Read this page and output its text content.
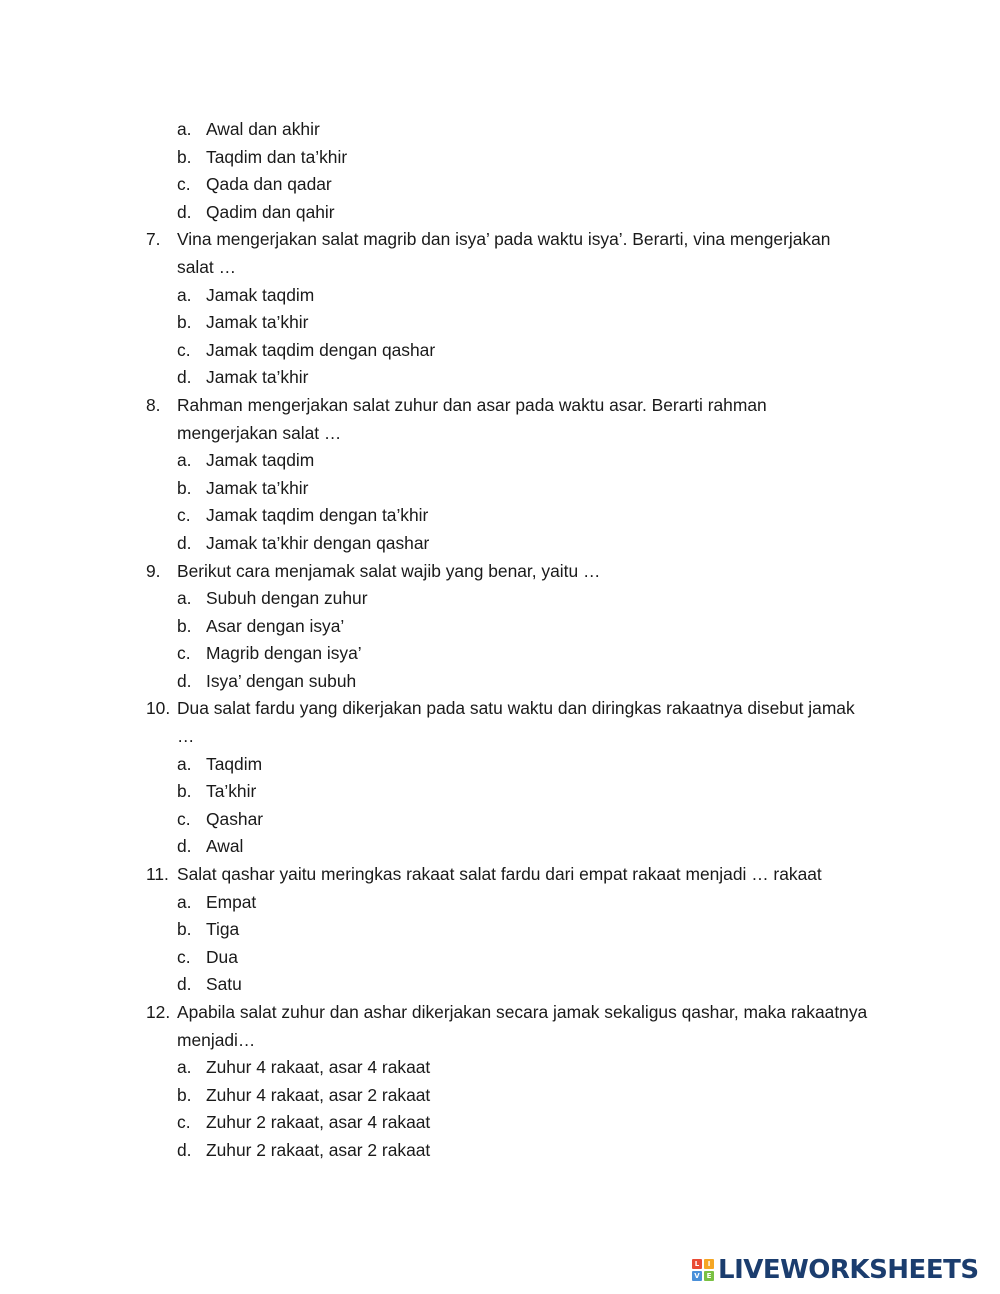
a. Awal dan akhir
b. Taqdim dan ta’khir
c. Qada dan qadar
d. Qadim dan qahir
7. Vina mengerjakan salat magrib dan isya’ pada waktu isya’. Berarti, vina mengerjakan
salat …
a. Jamak taqdim
b. Jamak ta’khir
c. Jamak taqdim dengan qashar
d. Jamak ta’khir
8. Rahman mengerjakan salat zuhur dan asar pada waktu asar. Berarti rahman
mengerjakan salat …
a. Jamak taqdim
b. Jamak ta’khir
c. Jamak taqdim dengan ta’khir
d. Jamak ta’khir dengan qashar
9. Berikut cara menjamak salat wajib yang benar, yaitu …
a. Subuh dengan zuhur
b. Asar dengan isya’
c. Magrib dengan isya’
d. Isya’ dengan subuh
10. Dua salat fardu yang dikerjakan pada satu waktu dan diringkas rakaatnya disebut jamak
…
a. Taqdim
b. Ta’khir
c. Qashar
d. Awal
11. Salat qashar yaitu meringkas rakaat salat fardu dari empat rakaat menjadi … rakaat
a. Empat
b. Tiga
c. Dua
d. Satu
12. Apabila salat zuhur dan ashar dikerjakan secara jamak sekaligus qashar, maka rakaatnya
menjadi…
a. Zuhur 4 rakaat, asar 4 rakaat
b. Zuhur 4 rakaat, asar 2 rakaat
c. Zuhur 2 rakaat, asar 4 rakaat
d. Zuhur 2 rakaat, asar 2 rakaat
L	I
V E LIVEWORKSHEETS
